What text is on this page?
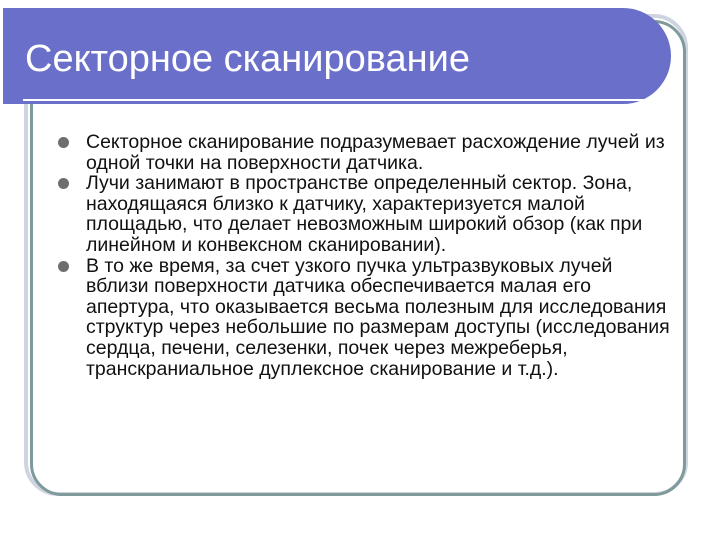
Секторное сканирование
Секторное сканирование подразумевает расхождение лучей из одной точки на поверхности датчика.
Лучи занимают в пространстве определенный сектор. Зона, находящаяся близко к датчику, характеризуется малой площадью, что делает невозможным широкий обзор (как при линейном и конвексном сканировании).
В то же время, за счет узкого пучка ультразвуковых лучей вблизи поверхности датчика обеспечивается малая его апертура, что оказывается весьма полезным для исследования структур через небольшие по размерам доступы (исследования сердца, печени, селезенки, почек через межреберья, транскраниальное дуплексное сканирование и т.д.).
